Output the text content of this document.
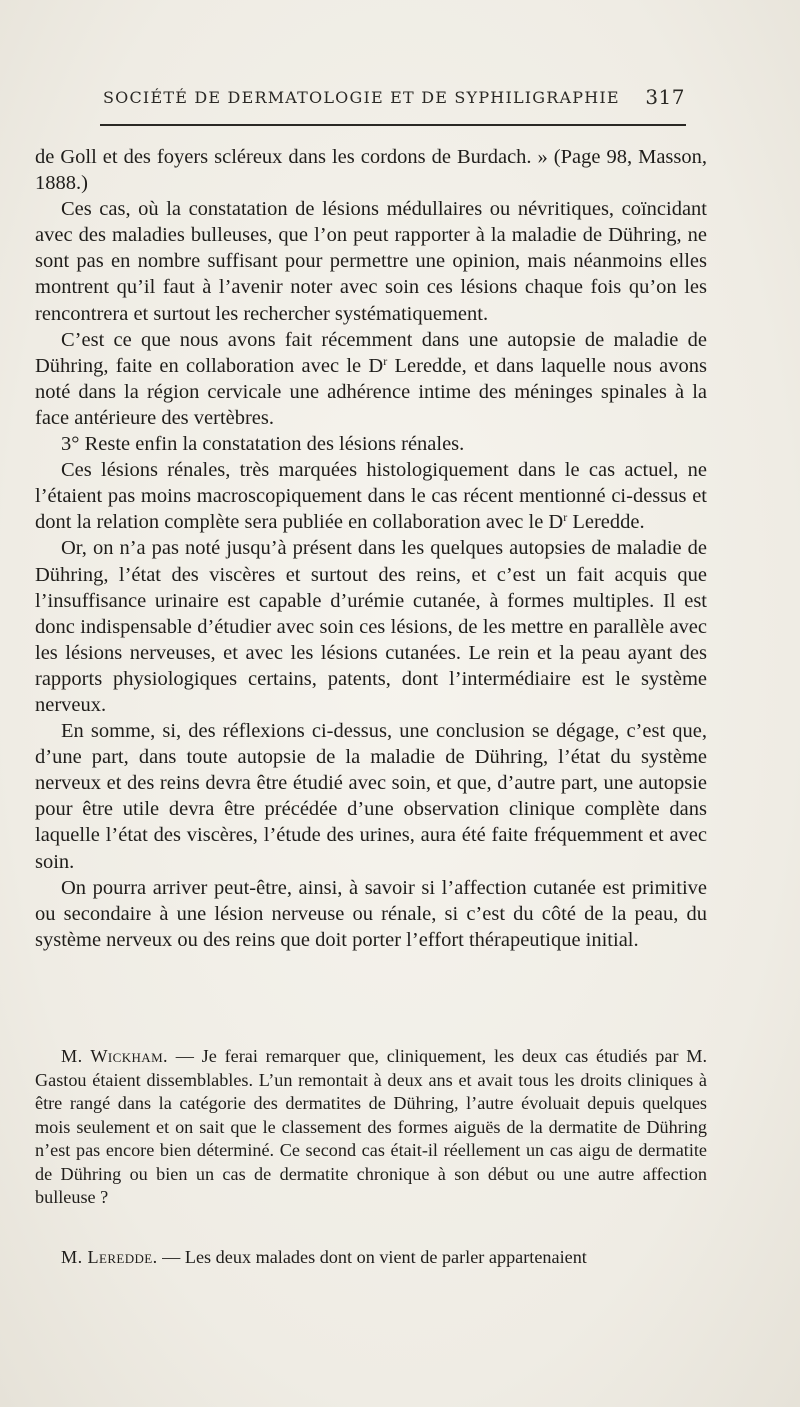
SOCIÉTÉ DE DERMATOLOGIE ET DE SYPHILIGRAPHIE 317

de Goll et des foyers scléreux dans les cordons de Burdach. » (Page 98, Masson, 1888.)

Ces cas, où la constatation de lésions médullaires ou névritiques, coïncidant avec des maladies bulleuses, que l’on peut rapporter à la maladie de Dühring, ne sont pas en nombre suffisant pour permettre une opinion, mais néanmoins elles montrent qu’il faut à l’avenir noter avec soin ces lésions chaque fois qu’on les rencontrera et surtout les rechercher systématiquement.

C’est ce que nous avons fait récemment dans une autopsie de maladie de Dühring, faite en collaboration avec le $D^r$ Leredde, et dans laquelle nous avons noté dans la région cervicale une adhérence intime des méninges spinales à la face antérieure des vertèbres.

3° Reste enfin la constatation des lésions rénales.

Ces lésions rénales, très marquées histologiquement dans le cas actuel, ne l’étaient pas moins macroscopiquement dans le cas récent mentionné ci-dessus et dont la relation complète sera publiée en collaboration avec le $D^r$ Leredde.

Or, on n’a pas noté jusqu’à présent dans les quelques autopsies de maladie de Dühring, l’état des viscères et surtout des reins, et c’est un fait acquis que l’insuffisance urinaire est capable d’urémie cutanée, à formes multiples. Il est donc indispensable d’étudier avec soin ces lésions, de les mettre en parallèle avec les lésions nerveuses, et avec les lésions cutanées. Le rein et la peau ayant des rapports physiologiques certains, patents, dont l’intermédiaire est le système nerveux.

En somme, si, des réflexions ci-dessus, une conclusion se dégage, c’est que, d’une part, dans toute autopsie de la maladie de Dühring, l’état du système nerveux et des reins devra être étudié avec soin, et que, d’autre part, une autopsie pour être utile devra être précédée d’une observation clinique complète dans laquelle l’état des viscères, l’étude des urines, aura été faite fréquemment et avec soin.

On pourra arriver peut-être, ainsi, à savoir si l’affection cutanée est primitive ou secondaire à une lésion nerveuse ou rénale, si c’est du côté de la peau, du système nerveux ou des reins que doit porter l’effort thérapeutique initial.

M. Wickham. — Je ferai remarquer que, cliniquement, les deux cas étudiés par M. Gastou étaient dissemblables. L’un remontait à deux ans et avait tous les droits cliniques à être rangé dans la catégorie des dermatites de Dühring, l’autre évoluait depuis quelques mois seulement et on sait que le classement des formes aiguës de la dermatite de Dühring n’est pas encore bien déterminé. Ce second cas était-il réellement un cas aigu de dermatite de Dühring ou bien un cas de dermatite chronique à son début ou une autre affection bulleuse ?

M. Leredde. — Les deux malades dont on vient de parler appartenaient
